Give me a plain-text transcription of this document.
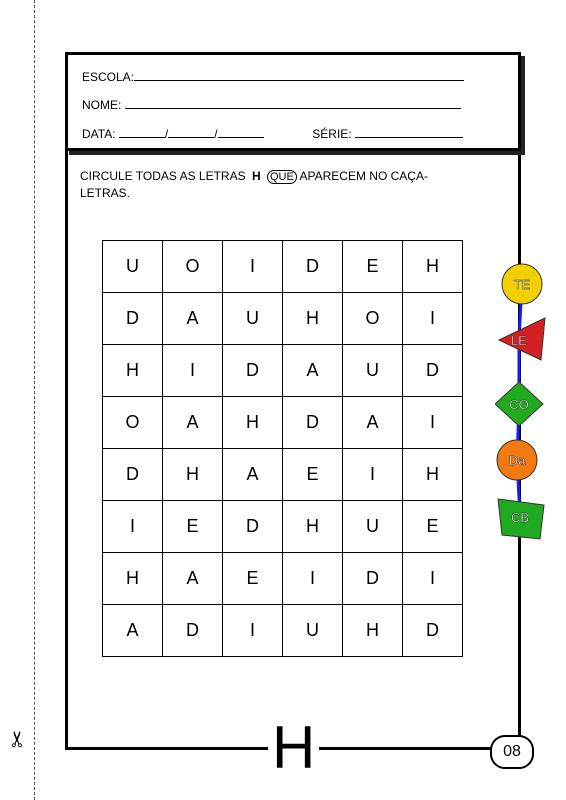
✂
ESCOLA:
NOME:
DATA:	/	/	SÉRIE:
CIRCULE TODAS AS LETRAS H QUE APARECEM NO CAÇA-LETRAS.
U	O	I	D	E	H
D	A	U	H	O	I
H	I	D	A	U	D
O	A	H	D	A	I
D	H	A	E	I	H
I	E	D	H	U	E
H	A	E	I	D	I
A	D	I	U	H	D
TE
LE
CO
Da
CB
H	08
